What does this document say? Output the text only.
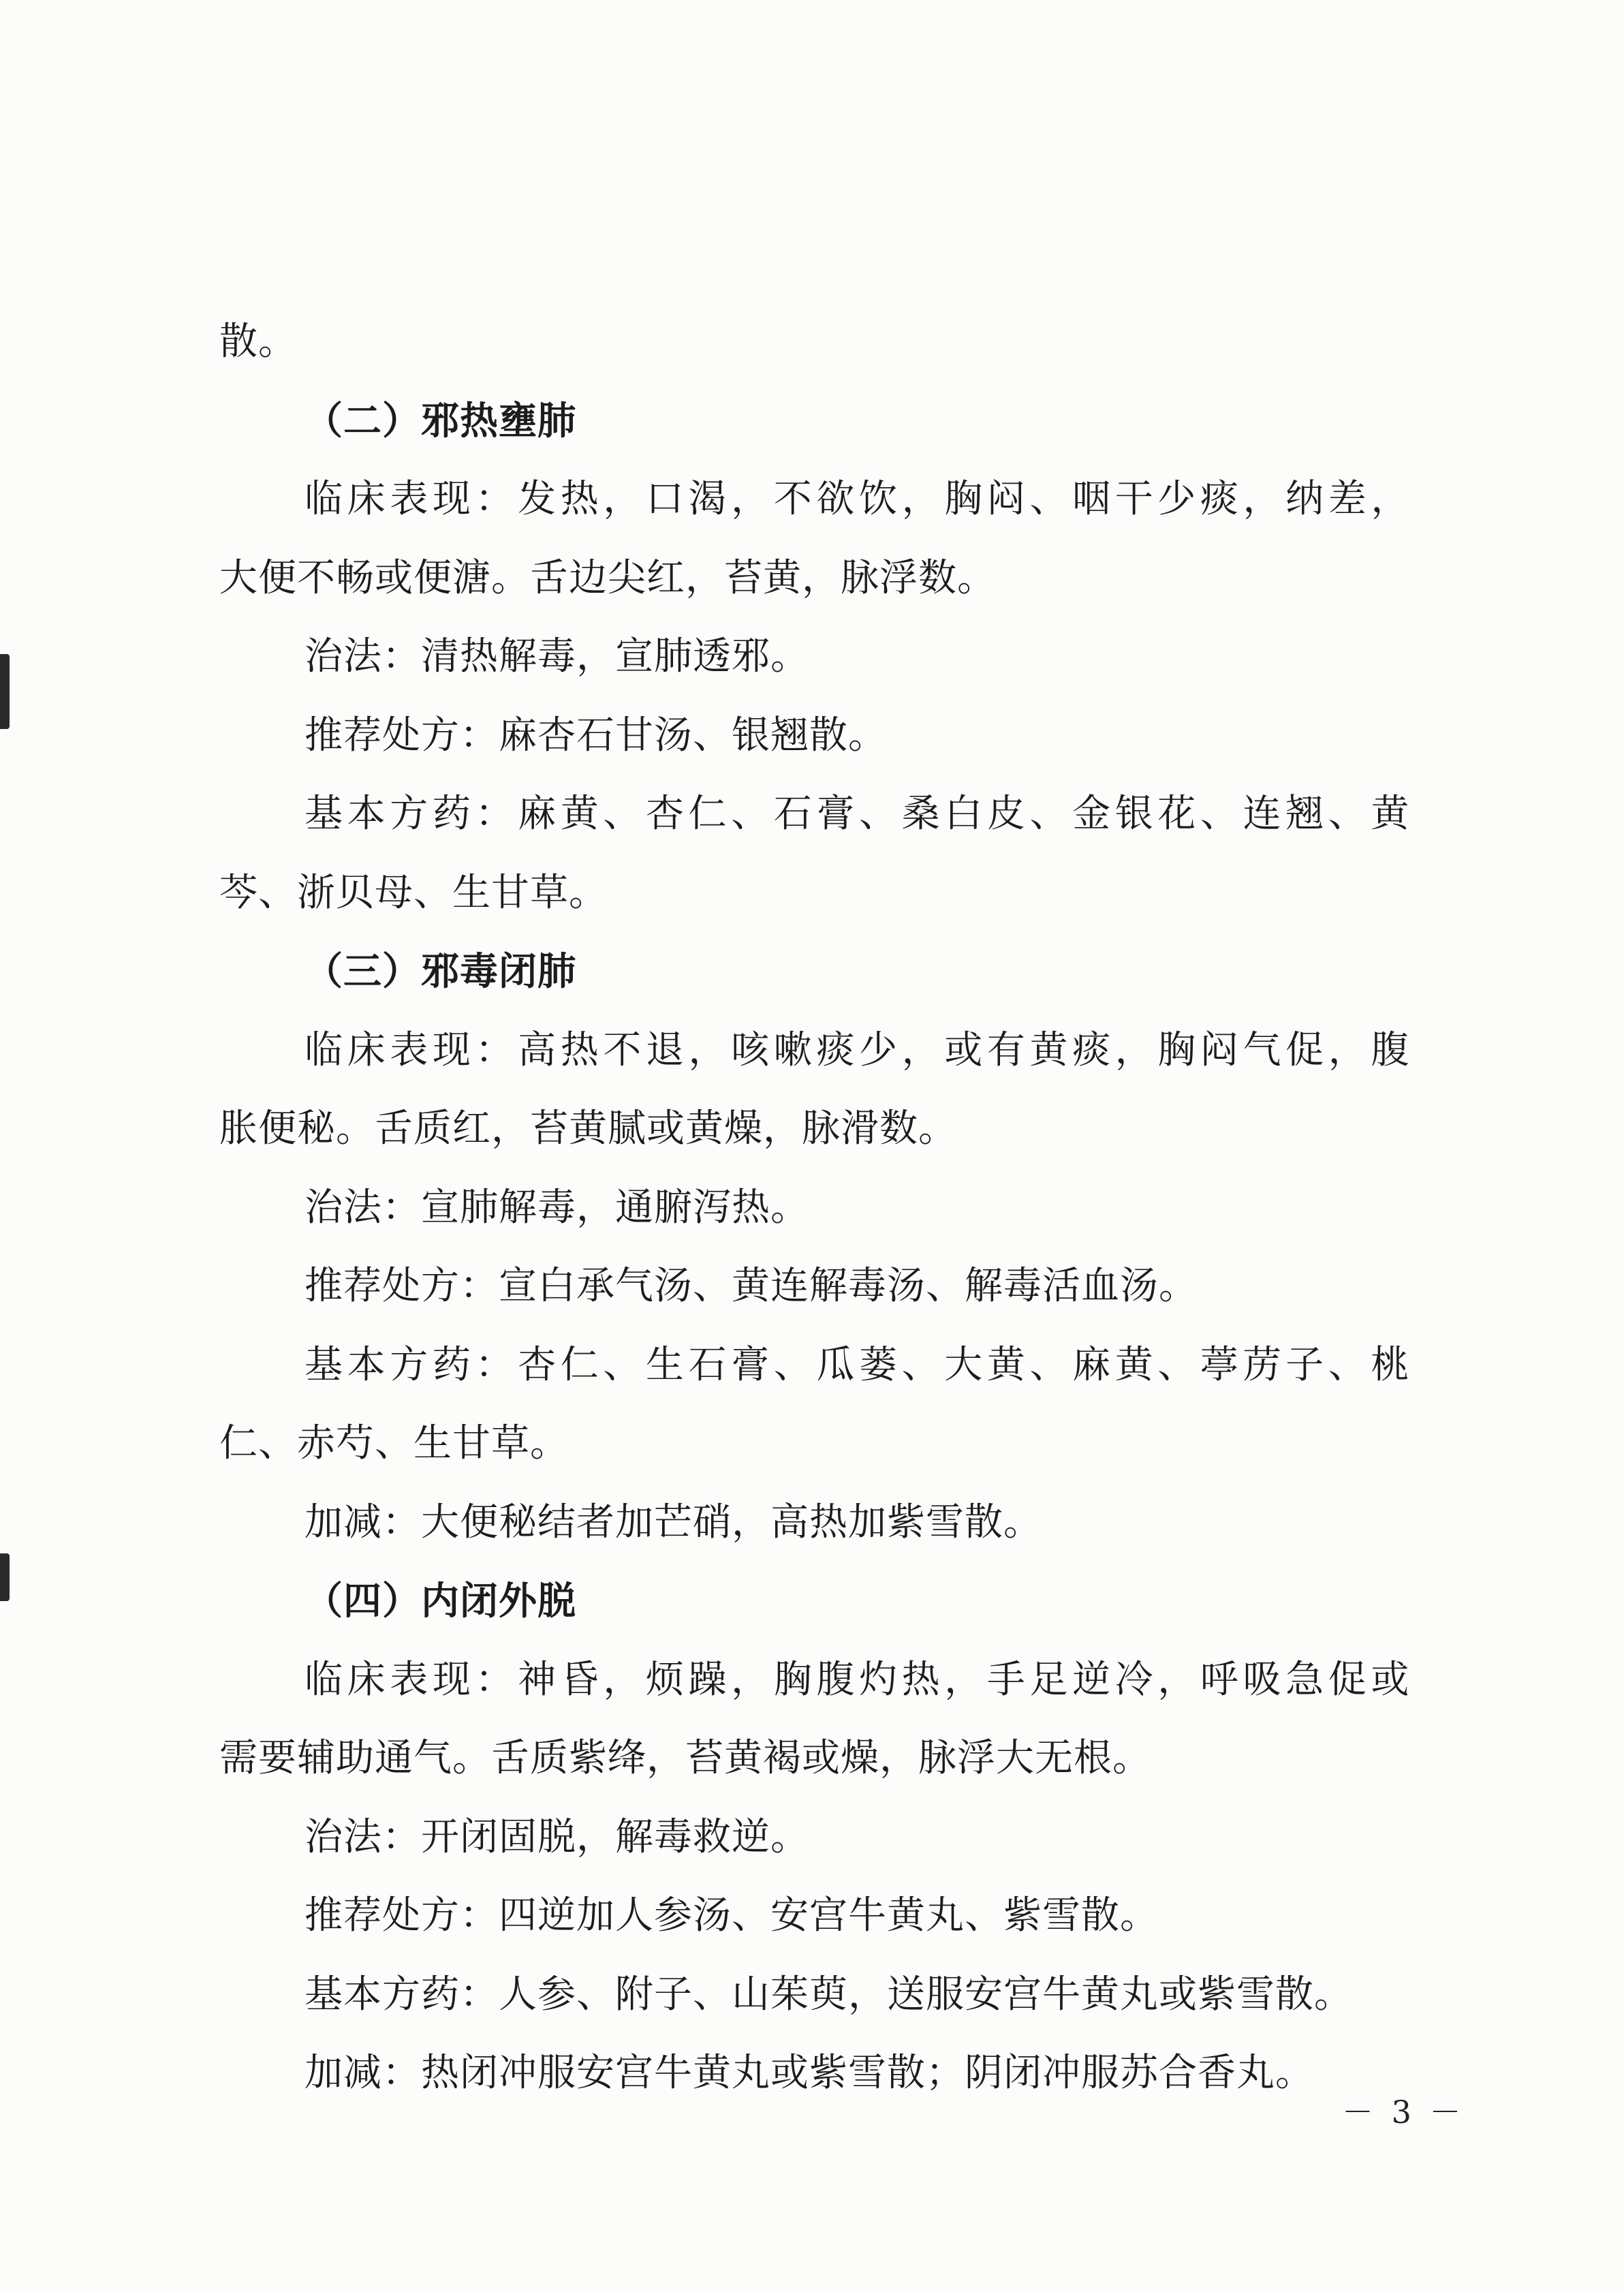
散。

（二）邪热壅肺

临床表现：发热，口渴，不欲饮，胸闷、咽干少痰，纳差，

大便不畅或便溏。舌边尖红，苔黄，脉浮数。

治法：清热解毒，宣肺透邪。

推荐处方：麻杏石甘汤、银翘散。

基本方药：麻黄、杏仁、石膏、桑白皮、金银花、连翘、黄

芩、浙贝母、生甘草。

（三）邪毒闭肺

临床表现：高热不退，咳嗽痰少，或有黄痰，胸闷气促，腹

胀便秘。舌质红，苔黄腻或黄燥，脉滑数。

治法：宣肺解毒，通腑泻热。

推荐处方：宣白承气汤、黄连解毒汤、解毒活血汤。

基本方药：杏仁、生石膏、瓜蒌、大黄、麻黄、葶苈子、桃

仁、赤芍、生甘草。

加减：大便秘结者加芒硝，高热加紫雪散。

（四）内闭外脱

临床表现：神昏，烦躁，胸腹灼热，手足逆冷，呼吸急促或

需要辅助通气。舌质紫绛，苔黄褐或燥，脉浮大无根。

治法：开闭固脱，解毒救逆。

推荐处方：四逆加人参汤、安宫牛黄丸、紫雪散。

基本方药：人参、附子、山茱萸，送服安宫牛黄丸或紫雪散。

加减：热闭冲服安宫牛黄丸或紫雪散；阴闭冲服苏合香丸。

－ 3 －
